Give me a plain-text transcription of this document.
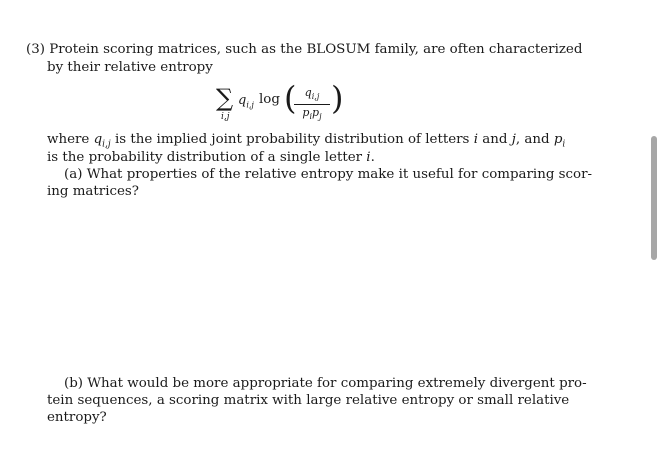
(3) Protein scoring matrices, such as the BLOSUM family, are often characterized
by their relative entropy
∑
i,j
$q_{i,j}$ log ( $q_{i,j}$
$p_ip_j$ )
where $q_{i,j}$ is the implied joint probability distribution of letters i and j, and $p_i$
is the probability distribution of a single letter i.
(a) What properties of the relative entropy make it useful for comparing scor-
ing matrices?
(b) What would be more appropriate for comparing extremely divergent pro-
tein sequences, a scoring matrix with large relative entropy or small relative
entropy?
